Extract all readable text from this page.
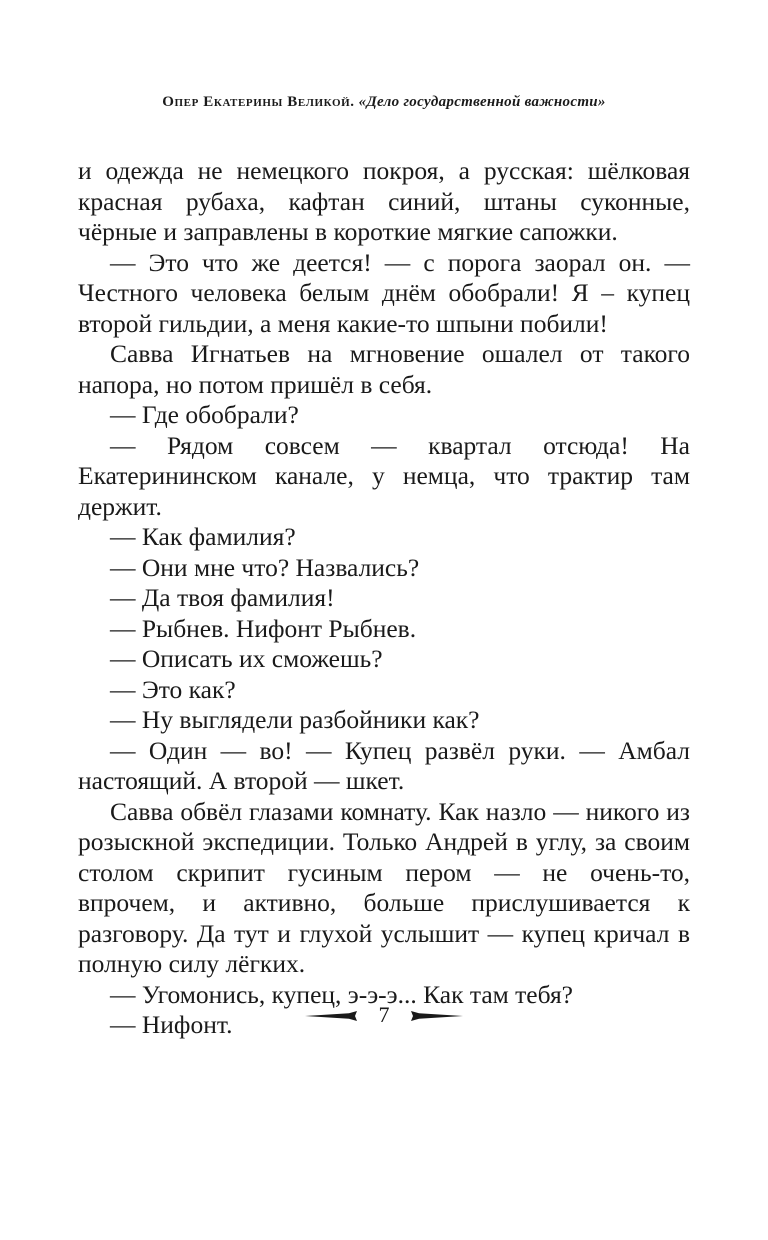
Опер Екатерины Великой. «Дело государственной важности»

и одежда не немецкого покроя, а русская: шёлковая красная рубаха, кафтан синий, штаны суконные, чёрные и заправлены в короткие мягкие сапожки.

— Это что же деется! — с порога заорал он. — Честного человека белым днём обобрали! Я – купец второй гильдии, а меня какие-то шпыни побили!

Савва Игнатьев на мгновение ошалел от такого напора, но потом пришёл в себя.

— Где обобрали?

— Рядом совсем — квартал отсюда! На Екатерининском канале, у немца, что трактир там держит.

— Как фамилия?

— Они мне что? Назвались?

— Да твоя фамилия!

— Рыбнев. Нифонт Рыбнев.

— Описать их сможешь?

— Это как?

— Ну выглядели разбойники как?

— Один — во! — Купец развёл руки. — Амбал настоящий. А второй — шкет.

Савва обвёл глазами комнату. Как назло — никого из розыскной экспедиции. Только Андрей в углу, за своим столом скрипит гусиным пером — не очень-то, впрочем, и активно, больше прислушивается к разговору. Да тут и глухой услышит — купец кричал в полную силу лёгких.

— Угомонись, купец, э-э-э... Как там тебя?

— Нифонт.	7
